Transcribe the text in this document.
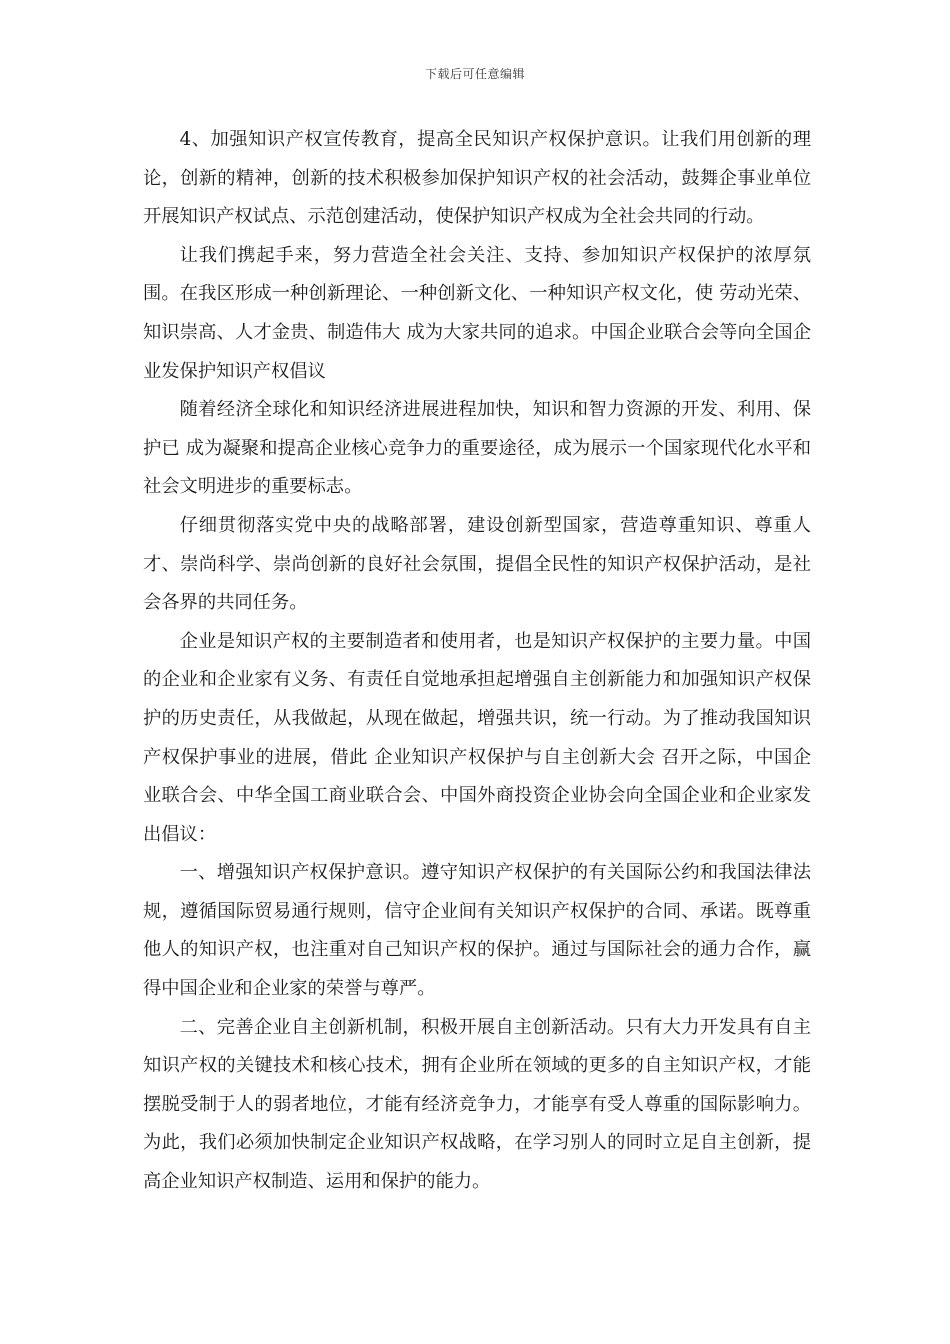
下载后可任意编辑

4、加强知识产权宣传教育，提高全民知识产权保护意识。让我们用创新的理论，创新的精神，创新的技术积极参加保护知识产权的社会活动，鼓舞企事业单位开展知识产权试点、示范创建活动，使保护知识产权成为全社会共同的行动。

让我们携起手来，努力营造全社会关注、支持、参加知识产权保护的浓厚氛围。在我区形成一种创新理论、一种创新文化、一种知识产权文化，使 劳动光荣、知识崇高、人才金贵、制造伟大 成为大家共同的追求。中国企业联合会等向全国企业发保护知识产权倡议

随着经济全球化和知识经济进展进程加快，知识和智力资源的开发、利用、保护已 成为凝聚和提高企业核心竞争力的重要途径，成为展示一个国家现代化水平和社会文明进步的重要标志。

仔细贯彻落实党中央的战略部署，建设创新型国家，营造尊重知识、尊重人才、崇尚科学、崇尚创新的良好社会氛围，提倡全民性的知识产权保护活动，是社会各界的共同任务。

企业是知识产权的主要制造者和使用者，也是知识产权保护的主要力量。中国的企业和企业家有义务、有责任自觉地承担起增强自主创新能力和加强知识产权保护的历史责任，从我做起，从现在做起，增强共识，统一行动。为了推动我国知识产权保护事业的进展，借此 企业知识产权保护与自主创新大会 召开之际，中国企业联合会、中华全国工商业联合会、中国外商投资企业协会向全国企业和企业家发出倡议：

一、增强知识产权保护意识。遵守知识产权保护的有关国际公约和我国法律法规，遵循国际贸易通行规则，信守企业间有关知识产权保护的合同、承诺。既尊重他人的知识产权，也注重对自己知识产权的保护。通过与国际社会的通力合作，赢得中国企业和企业家的荣誉与尊严。

二、完善企业自主创新机制，积极开展自主创新活动。只有大力开发具有自主知识产权的关键技术和核心技术，拥有企业所在领域的更多的自主知识产权，才能摆脱受制于人的弱者地位，才能有经济竞争力，才能享有受人尊重的国际影响力。为此，我们必须加快制定企业知识产权战略，在学习别人的同时立足自主创新，提高企业知识产权制造、运用和保护的能力。
